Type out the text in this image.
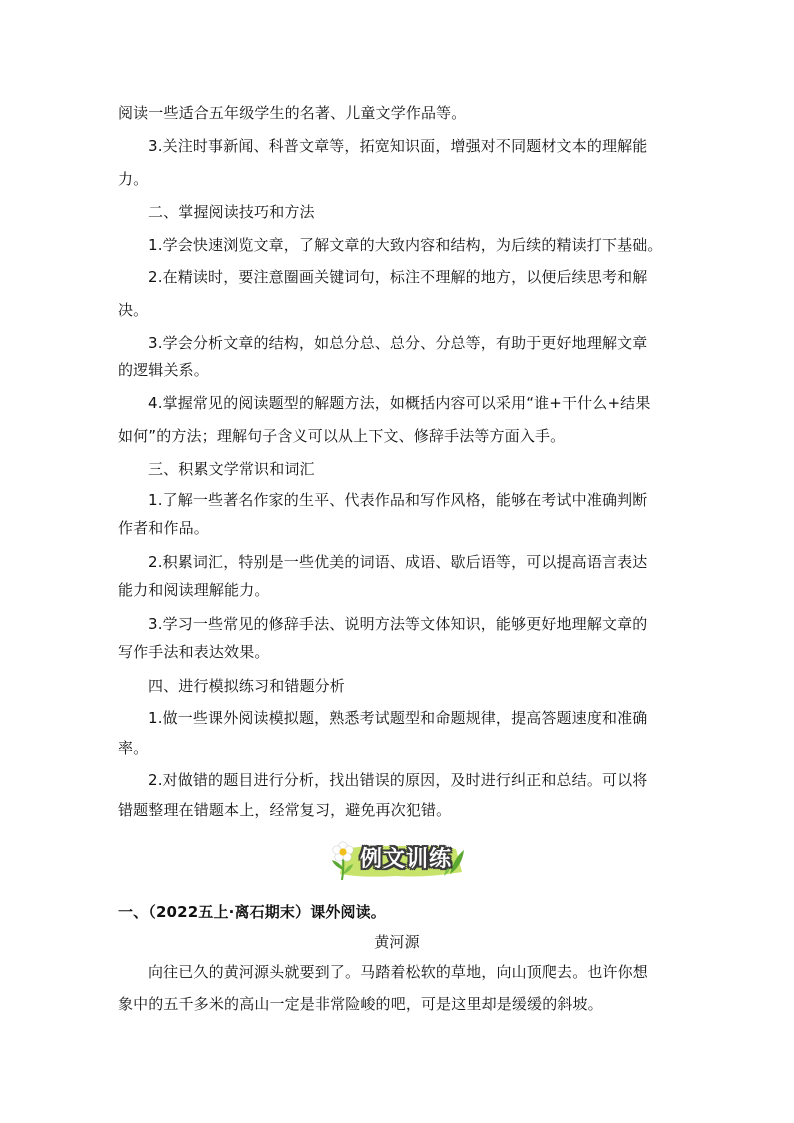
阅读一些适合五年级学生的名著、儿童文学作品等。
3.关注时事新闻、科普文章等，拓宽知识面，增强对不同题材文本的理解能
力。
二、掌握阅读技巧和方法
1.学会快速浏览文章，了解文章的大致内容和结构，为后续的精读打下基础。
2.在精读时，要注意圈画关键词句，标注不理解的地方，以便后续思考和解
决。
3.学会分析文章的结构，如总分总、总分、分总等，有助于更好地理解文章
的逻辑关系。
4.掌握常见的阅读题型的解题方法，如概括内容可以采用“谁+干什么+结果
如何”的方法；理解句子含义可以从上下文、修辞手法等方面入手。
三、积累文学常识和词汇
1.了解一些著名作家的生平、代表作品和写作风格，能够在考试中准确判断
作者和作品。
2.积累词汇，特别是一些优美的词语、成语、歇后语等，可以提高语言表达
能力和阅读理解能力。
3.学习一些常见的修辞手法、说明方法等文体知识，能够更好地理解文章的
写作手法和表达效果。
四、进行模拟练习和错题分析
1.做一些课外阅读模拟题，熟悉考试题型和命题规律，提高答题速度和准确
率。
2.对做错的题目进行分析，找出错误的原因，及时进行纠正和总结。可以将
错题整理在错题本上，经常复习，避免再次犯错。
例文训练
一、（2022五上·离石期末）课外阅读。
黄河源
向往已久的黄河源头就要到了。马踏着松软的草地，向山顶爬去。也许你想
象中的五千多米的高山一定是非常险峻的吧，可是这里却是缓缓的斜坡。
